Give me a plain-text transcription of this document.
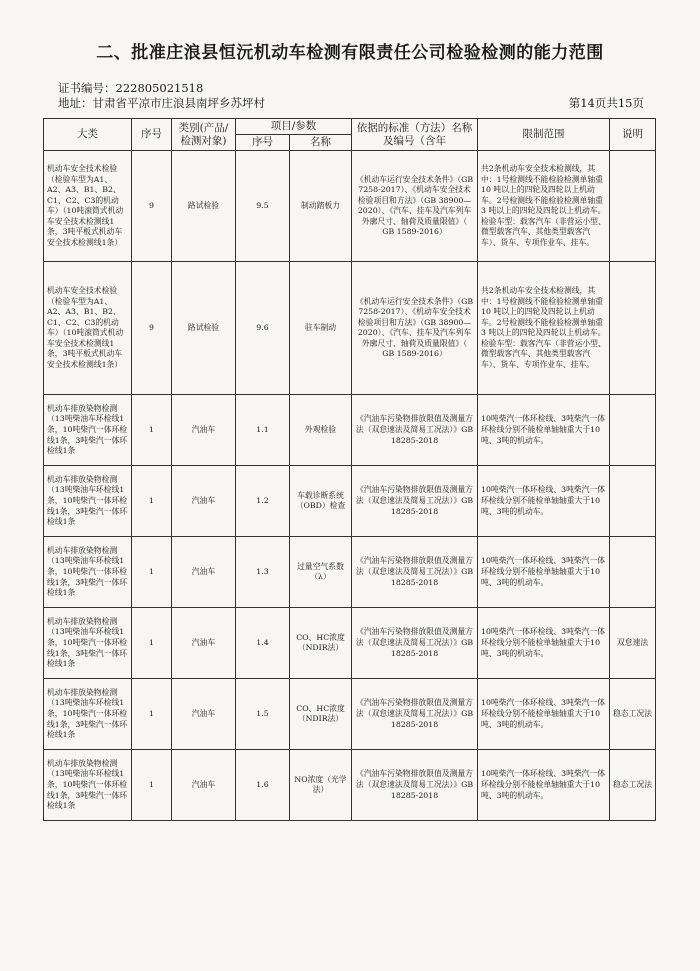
二、批准庄浪县恒沅机动车检测有限责任公司检验检测的能力范围
证书编号：222805021518
地址：甘肃省平凉市庄浪县南坪乡苏坪村	第14页共15页
大类	序号	类别(产品/检测对象)	项目/参数		依据的标准（方法）名称及编号（含年	限制范围	说明
			序号	名称			
机动车安全技术检验（检验车型为A1、A2、A3、B1、B2、C1、C2、C3的机动车）（10吨滚筒式机动车安全技术检测线1条，3吨平板式机动车安全技术检测线1条）	9	路试检验	9.5	制动踏板力	《机动车运行安全技术条件》（GB 7258-2017）、《机动车安全技术检验项目和方法》（GB 38900—2020）、《汽车、挂车及汽车列车外廓尺寸、轴荷及质量限值》（ GB 1589-2016）	共2条机动车安全技术检测线，其中：1号检测线不能检验检测单轴重10 吨以上的四轮及四轮以上机动车。2号检测线不能检验检测单轴重3 吨以上的四轮及四轮以上机动车。检验车型：载客汽车（非营运小型、微型载客汽车、其他类型载客汽车）、货车、专项作业车、挂车。	
机动车安全技术检验（检验车型为A1、A2、A3、B1、B2、C1、C2、C3的机动车）（10吨滚筒式机动车安全技术检测线1条，3吨平板式机动车安全技术检测线1条）	9	路试检验	9.6	驻车制动	《机动车运行安全技术条件》（GB 7258-2017）、《机动车安全技术检验项目和方法》（GB 38900—2020）、《汽车、挂车及汽车列车外廓尺寸、轴荷及质量限值》（ GB 1589-2016）	共2条机动车安全技术检测线，其中：1号检测线不能检验检测单轴重10 吨以上的四轮及四轮以上机动车。2号检测线不能检验检测单轴重3 吨以上的四轮及四轮以上机动车。检验车型：载客汽车（非营运小型、微型载客汽车、其他类型载客汽车）、货车、专项作业车、挂车。	
机动车排放染物检测（13吨柴油车环检线1条，10吨柴汽一体环检线1条，3吨柴汽一体环检线1条	1	汽油车	1.1	外观检验	《汽油车污染物排放限值及测量方法（双怠速法及简易工况法）》GB 18285-2018	10吨柴汽一体环检线、3吨柴汽一体环检线分别不能检单轴轴重大于10吨、3吨的机动车。	
机动车排放染物检测（13吨柴油车环检线1条，10吨柴汽一体环检线1条，3吨柴汽一体环检线1条	1	汽油车	1.2	车载诊断系统（OBD）检查	《汽油车污染物排放限值及测量方法（双怠速法及简易工况法）》GB 18285-2018	10吨柴汽一体环检线、3吨柴汽一体环检线分别不能检单轴轴重大于10吨、3吨的机动车。	
机动车排放染物检测（13吨柴油车环检线1条，10吨柴汽一体环检线1条，3吨柴汽一体环检线1条	1	汽油车	1.3	过量空气系数（λ）	《汽油车污染物排放限值及测量方法（双怠速法及简易工况法）》GB 18285-2018	10吨柴汽一体环检线、3吨柴汽一体环检线分别不能检单轴轴重大于10吨、3吨的机动车。	
机动车排放染物检测（13吨柴油车环检线1条，10吨柴汽一体环检线1条，3吨柴汽一体环检线1条	1	汽油车	1.4	CO、HC浓度（NDIR法）	《汽油车污染物排放限值及测量方法（双怠速法及简易工况法）》GB 18285-2018	10吨柴汽一体环检线、3吨柴汽一体环检线分别不能检单轴轴重大于10吨、3吨的机动车。	双怠速法
机动车排放染物检测（13吨柴油车环检线1条，10吨柴汽一体环检线1条，3吨柴汽一体环检线1条	1	汽油车	1.5	CO、HC浓度（NDIR法）	《汽油车污染物排放限值及测量方法（双怠速法及简易工况法）》GB 18285-2018	10吨柴汽一体环检线、3吨柴汽一体环检线分别不能检单轴轴重大于10吨、3吨的机动车。	稳态工况法
机动车排放染物检测（13吨柴油车环检线1条，10吨柴汽一体环检线1条，3吨柴汽一体环检线1条	1	汽油车	1.6	NO浓度（光学法）	《汽油车污染物排放限值及测量方法（双怠速法及简易工况法）》GB 18285-2018	10吨柴汽一体环检线、3吨柴汽一体环检线分别不能检单轴轴重大于10吨、3吨的机动车。	稳态工况法
